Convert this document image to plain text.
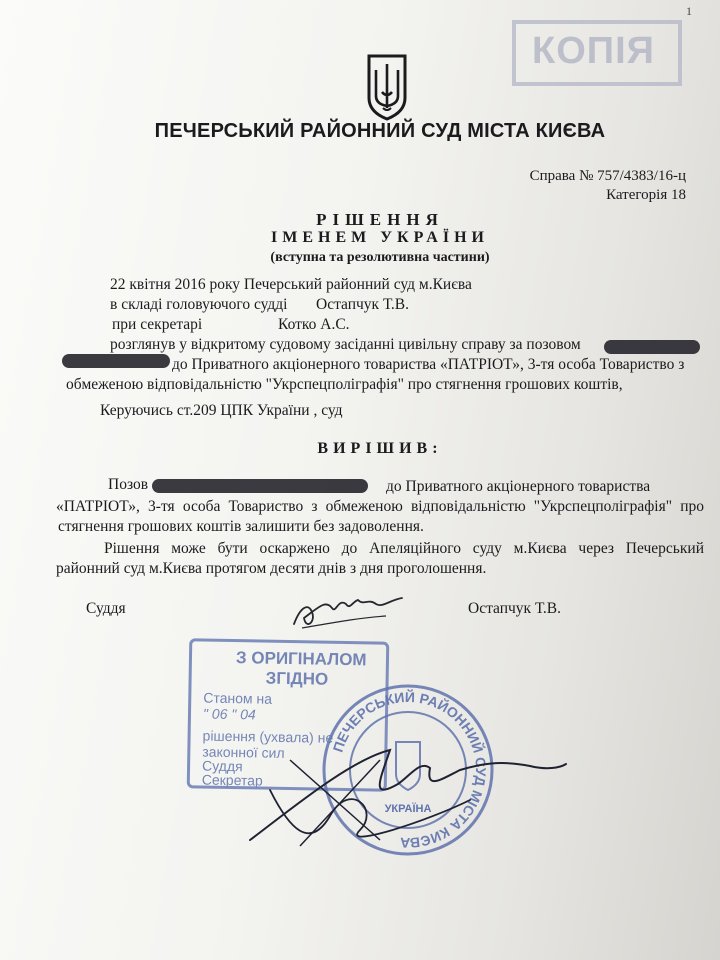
1
КОПІЯ
ПЕЧЕРСЬКИЙ РАЙОННИЙ СУД МІСТА КИЄВА
Справа № 757/4383/16-ц
Категорія 18
РІШЕННЯ
ІМЕНЕМ УКРАЇНИ
(вступна та резолютивна частини)
22 квітня 2016 року Печерський районний суд м.Києва
в складі головуючого судді Остапчук Т.В.
при секретарі	Котко А.С.
розглянув у відкритому судовому засіданні цивільну справу за позовом
до Приватного акціонерного товариства «ПАТРІОТ», 3-тя особа Товариство з
обмеженою відповідальністю "Укрспецполіграфія" про стягнення грошових коштів,
Керуючись ст.209 ЦПК України , суд
ВИРІШИВ:
Позов	до Приватного акціонерного товариства
«ПАТРІОТ», 3-тя особа Товариство з обмеженою відповідальністю "Укрспецполіграфія" про
стягнення грошових коштів залишити без задоволення.
Рішення може бути оскаржено до Апеляційного суду м.Києва через Печерський
районний суд м.Києва протягом десяти днів з дня проголошення.
Суддя	Остапчук Т.В.
З ОРИГІНАЛОМ
ЗГІДНО
Станом на
" 06 " 04
рішення (ухвала) не
законної сил
Суддя
Секретар
ПЕЧЕРСЬКИЙ РАЙОННИЙ СУД МІСТА КИЄВА
УКРАЇНА
